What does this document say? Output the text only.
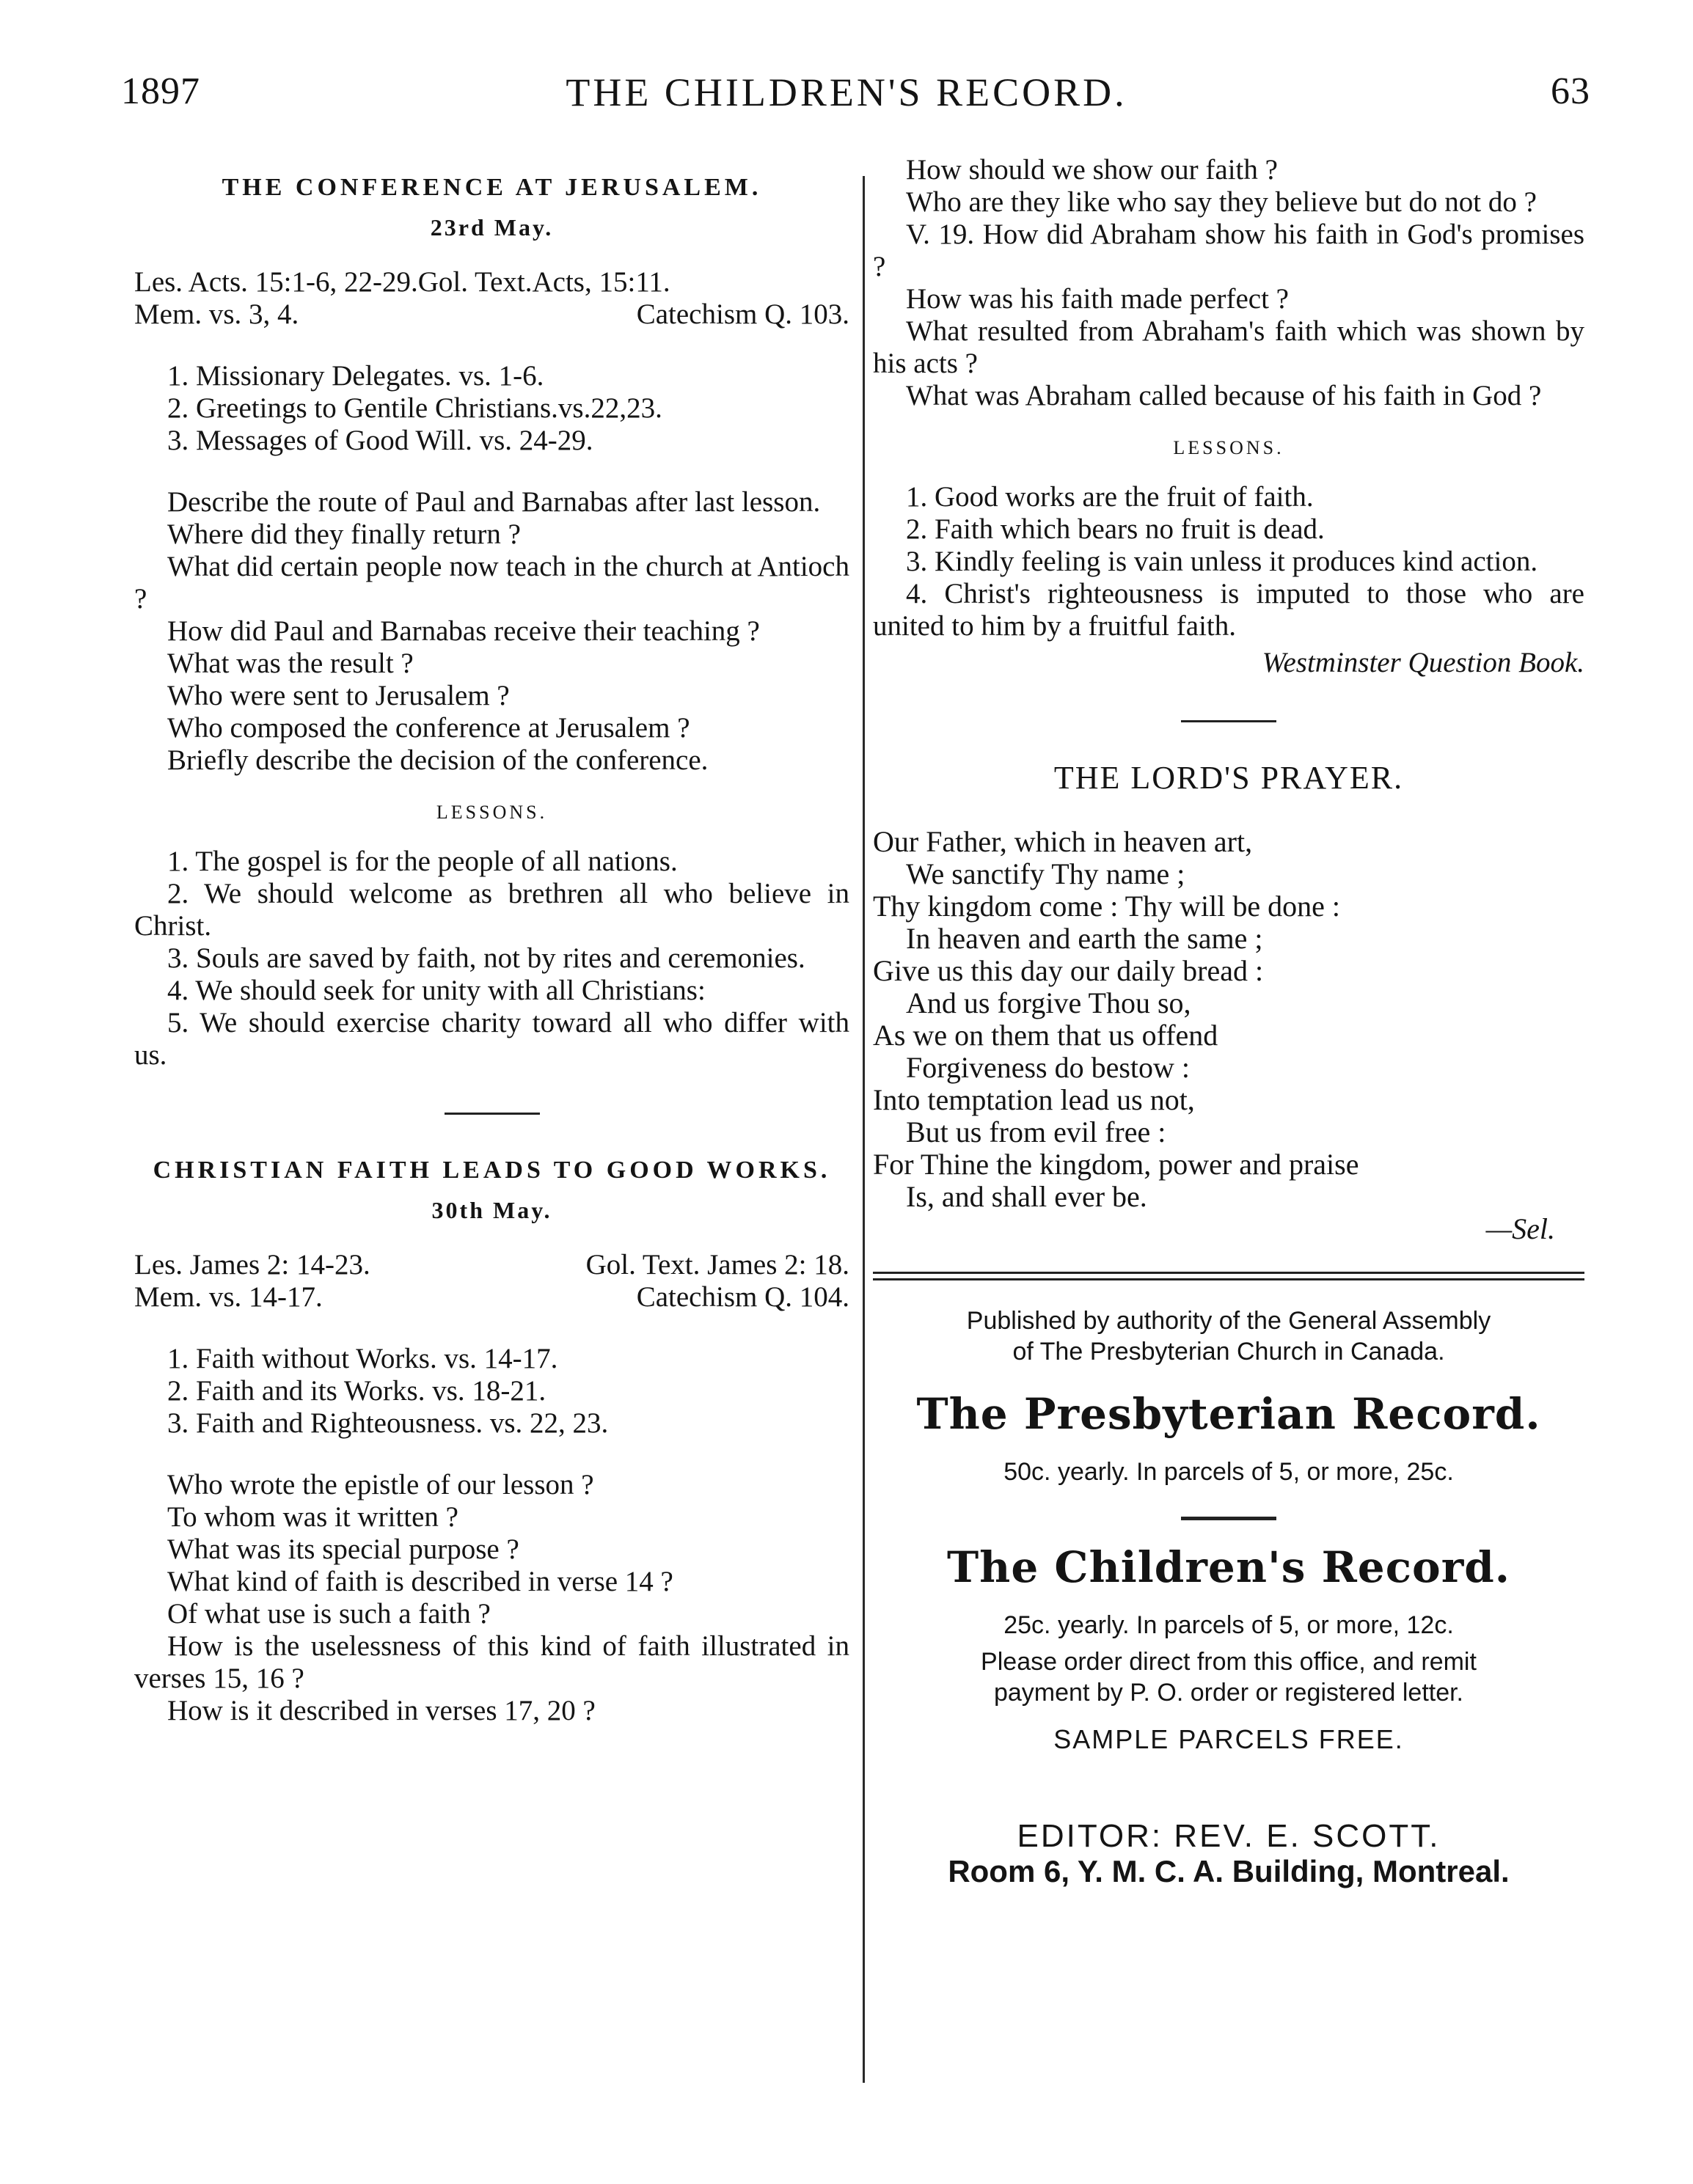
1897	THE CHILDREN'S RECORD.	63
THE CONFERENCE AT JERUSALEM.
23rd May.

Les. Acts. 15:1-6, 22-29.Gol. Text.Acts, 15:11.

Mem. vs. 3, 4.	Catechism Q. 103.

1. Missionary Delegates. vs. 1-6.

2. Greetings to Gentile Christians.vs.22,23.

3. Messages of Good Will. vs. 24-29.

Describe the route of Paul and Barnabas after last lesson.

Where did they finally return ?

What did certain people now teach in the church at Antioch ?

How did Paul and Barnabas receive their teaching ?

What was the result ?

Who were sent to Jerusalem ?

Who composed the conference at Jerusalem ?

Briefly describe the decision of the conference.

LESSONS.

1. The gospel is for the people of all nations.

2. We should welcome as brethren all who believe in Christ.

3. Souls are saved by faith, not by rites and ceremonies.

4. We should seek for unity with all Christians:

5. We should exercise charity toward all who differ with us.

CHRISTIAN FAITH LEADS TO GOOD WORKS.
30th May.
Les. James 2: 14-23.	Gol. Text. James 2: 18.
Mem. vs. 14-17.	Catechism Q. 104.

1. Faith without Works. vs. 14-17.

2. Faith and its Works. vs. 18-21.

3. Faith and Righteousness. vs. 22, 23.

Who wrote the epistle of our lesson ?

To whom was it written ?

What was its special purpose ?

What kind of faith is described in verse 14 ?

Of what use is such a faith ?

How is the uselessness of this kind of faith illustrated in verses 15, 16 ?

How is it described in verses 17, 20 ?

How should we show our faith ?

Who are they like who say they believe but do not do ?

V. 19. How did Abraham show his faith in God's promises ?

How was his faith made perfect ?

What resulted from Abraham's faith which was shown by his acts ?

What was Abraham called because of his faith in God ?

LESSONS.

1. Good works are the fruit of faith.

2. Faith which bears no fruit is dead.

3. Kindly feeling is vain unless it produces kind action.

4. Christ's righteousness is imputed to those who are united to him by a fruitful faith.

Westminster Question Book.

THE LORD'S PRAYER.

Our Father, which in heaven art,

We sanctify Thy name ;

Thy kingdom come : Thy will be done :

In heaven and earth the same ;

Give us this day our daily bread :

And us forgive Thou so,

As we on them that us offend

Forgiveness do bestow :

Into temptation lead us not,

But us from evil free :

For Thine the kingdom, power and praise

Is, and shall ever be.

—Sel.

Published by authority of the General Assembly

of The Presbyterian Church in Canada.

The Presbyterian Record.

50c. yearly. In parcels of 5, or more, 25c.

The Children's Record.

25c. yearly. In parcels of 5, or more, 12c.

Please order direct from this office, and remit

payment by P. O. order or registered letter.

SAMPLE PARCELS FREE.

EDITOR: REV. E. SCOTT.

Room 6, Y. M. C. A. Building, Montreal.
